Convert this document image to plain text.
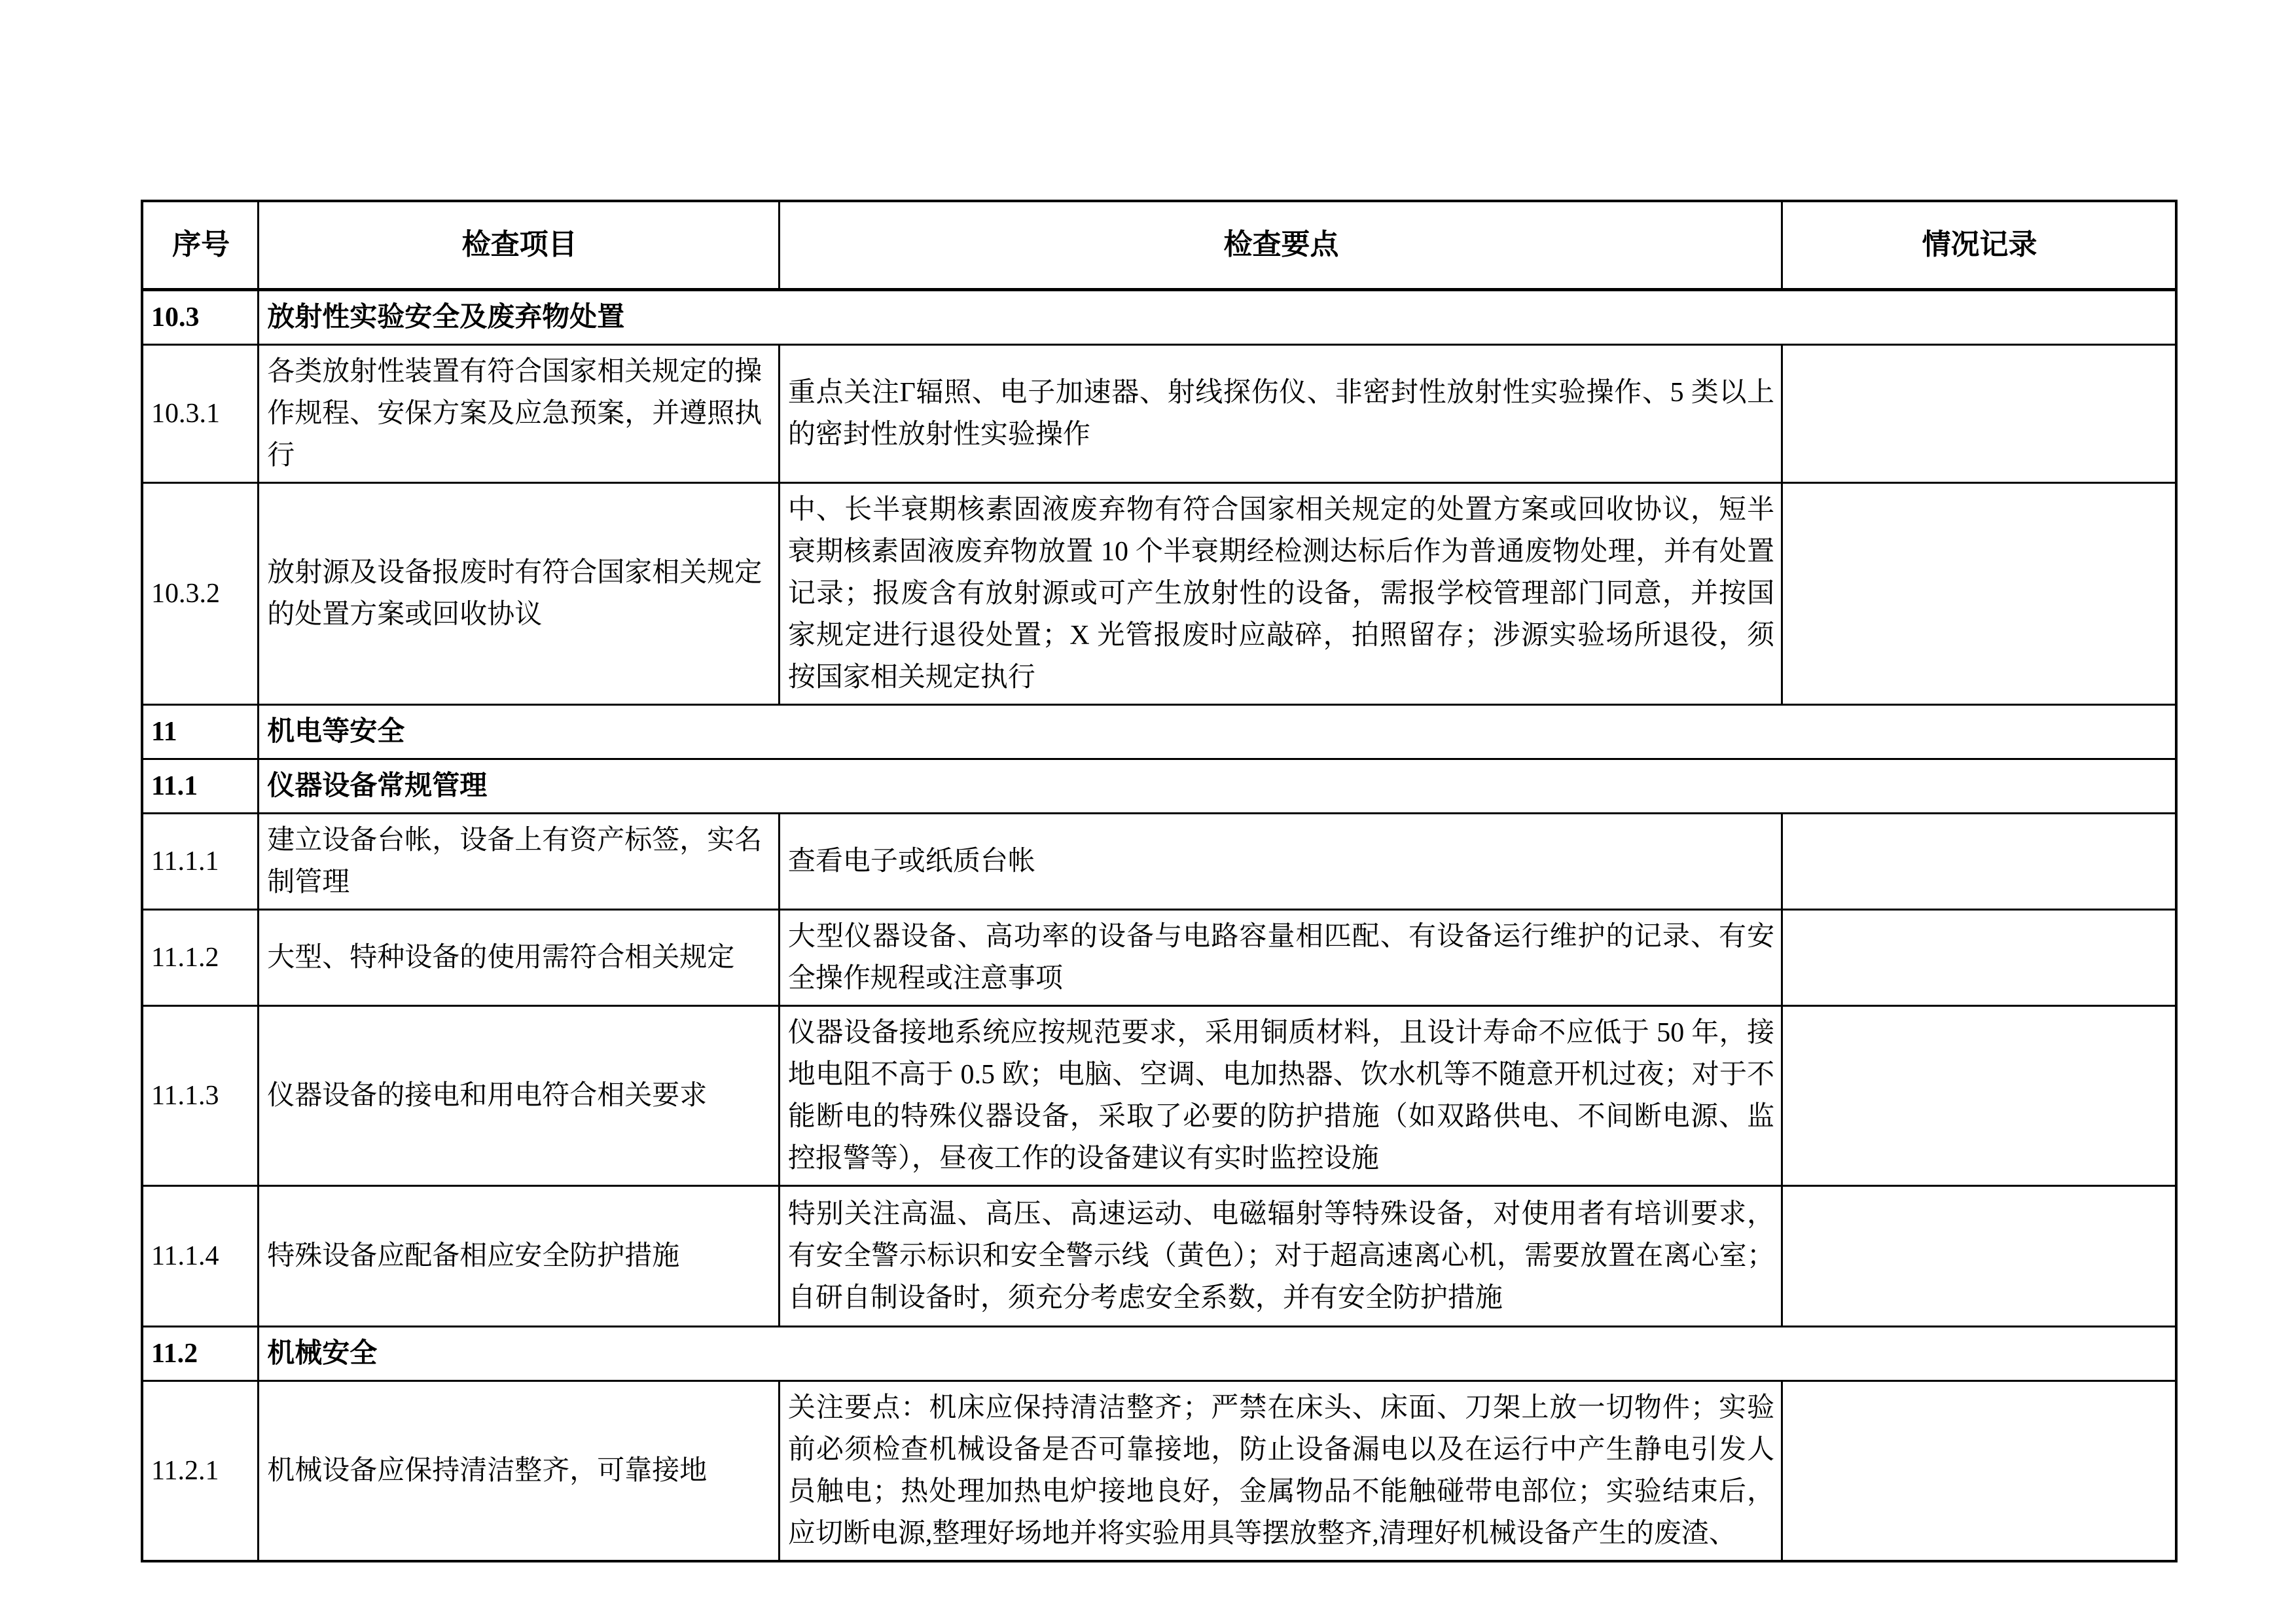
序号	检查项目	检查要点	情况记录
10.3	放射性实验安全及废弃物处置		
10.3.1	各类放射性装置有符合国家相关规定的操作规程、安保方案及应急预案，并遵照执行	重点关注Γ辐照、电子加速器、射线探伤仪、非密封性放射性实验操作、5 类以上的密封性放射性实验操作	
10.3.2	放射源及设备报废时有符合国家相关规定的处置方案或回收协议	中、长半衰期核素固液废弃物有符合国家相关规定的处置方案或回收协议，短半衰期核素固液废弃物放置 10 个半衰期经检测达标后作为普通废物处理，并有处置记录；报废含有放射源或可产生放射性的设备，需报学校管理部门同意，并按国家规定进行退役处置；X 光管报废时应敲碎，拍照留存；涉源实验场所退役，须按国家相关规定执行	
11	机电等安全		
11.1	仪器设备常规管理		
11.1.1	建立设备台帐，设备上有资产标签，实名制管理	查看电子或纸质台帐	
11.1.2	大型、特种设备的使用需符合相关规定	大型仪器设备、高功率的设备与电路容量相匹配、有设备运行维护的记录、有安全操作规程或注意事项	
11.1.3	仪器设备的接电和用电符合相关要求	仪器设备接地系统应按规范要求，采用铜质材料，且设计寿命不应低于 50 年，接地电阻不高于 0.5 欧；电脑、空调、电加热器、饮水机等不随意开机过夜；对于不能断电的特殊仪器设备，采取了必要的防护措施（如双路供电、不间断电源、监控报警等），昼夜工作的设备建议有实时监控设施	
11.1.4	特殊设备应配备相应安全防护措施	特别关注高温、高压、高速运动、电磁辐射等特殊设备，对使用者有培训要求，有安全警示标识和安全警示线（黄色）；对于超高速离心机，需要放置在离心室；自研自制设备时，须充分考虑安全系数，并有安全防护措施	
11.2	机械安全		
11.2.1	机械设备应保持清洁整齐，可靠接地	关注要点：机床应保持清洁整齐；严禁在床头、床面、刀架上放一切物件；实验前必须检查机械设备是否可靠接地，防止设备漏电以及在运行中产生静电引发人员触电；热处理加热电炉接地良好，金属物品不能触碰带电部位；实验结束后，应切断电源,整理好场地并将实验用具等摆放整齐,清理好机械设备产生的废渣、	
